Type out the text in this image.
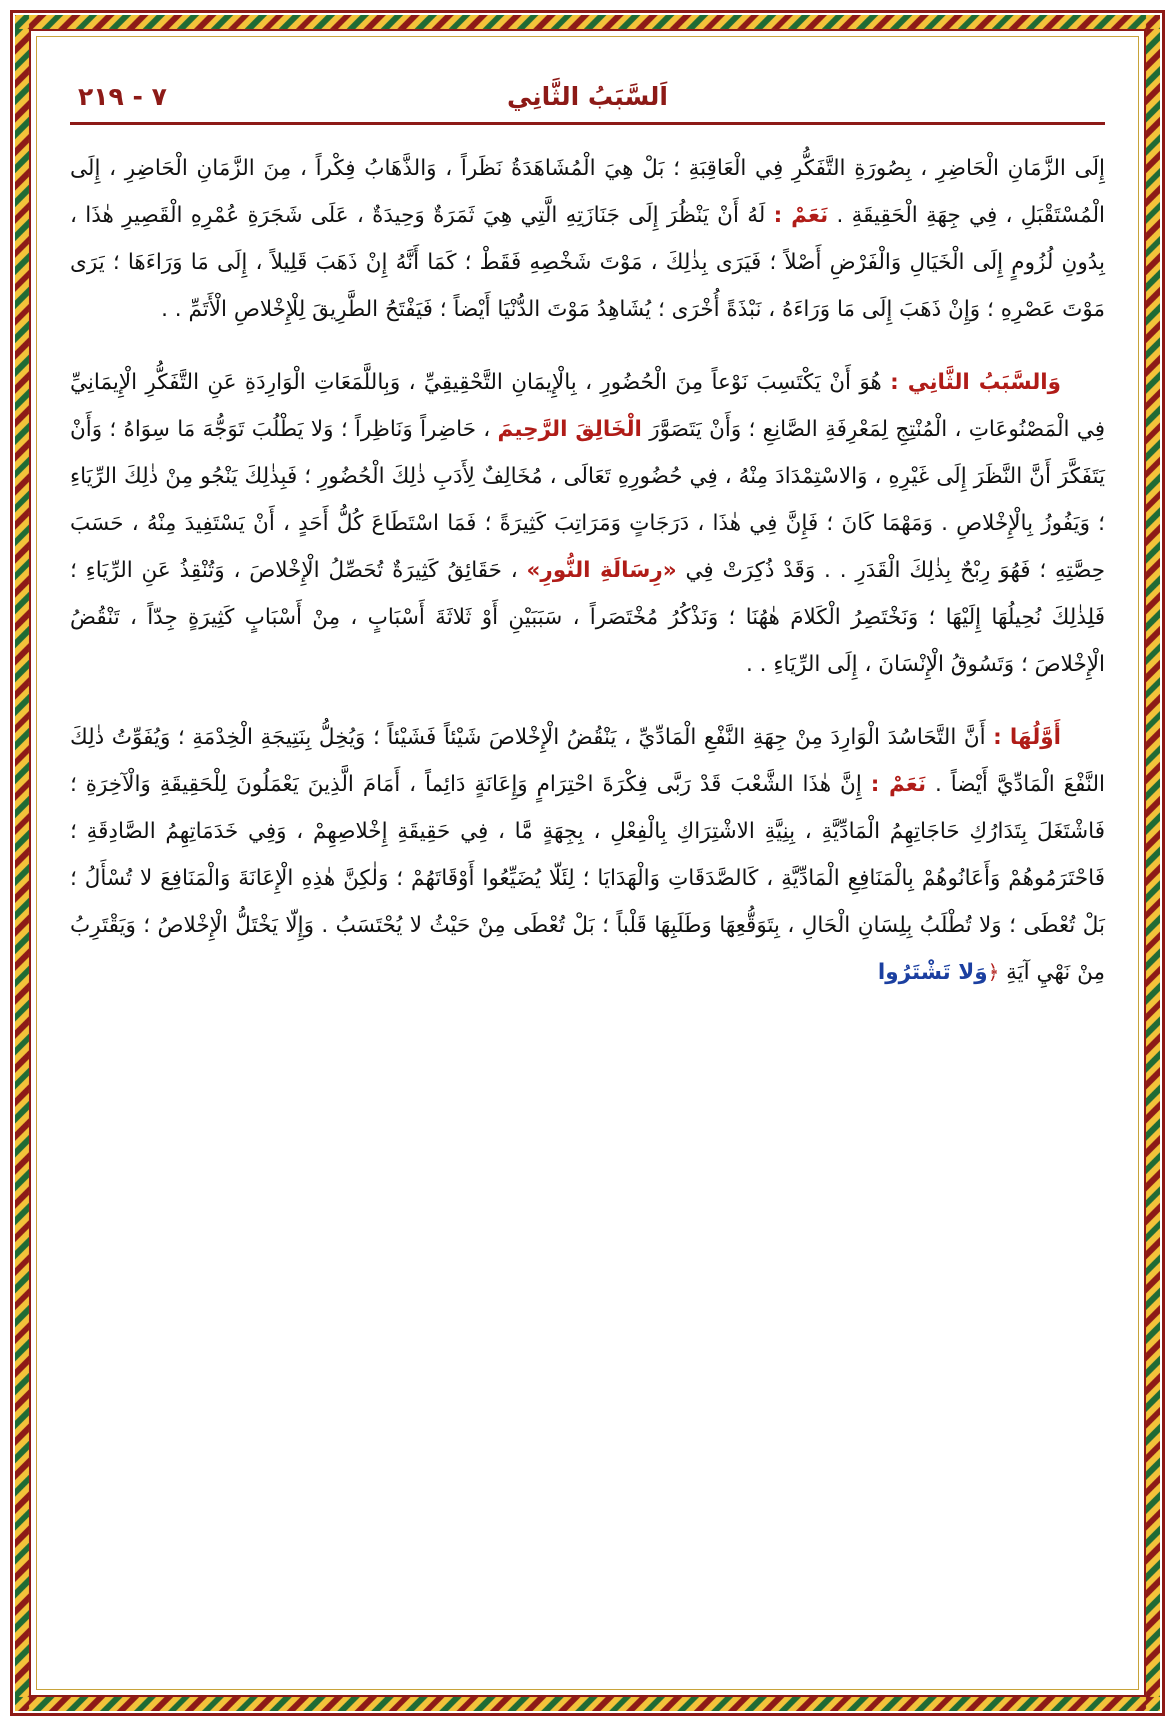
٧ - ٢١٩	اَلسَّبَبُ الثَّانِي
إِلَى الزَّمَانِ الْحَاضِرِ ، بِصُورَةِ التَّفَكُّرِ فِي الْعَاقِبَةِ ؛ بَلْ هِيَ الْمُشَاهَدَةُ نَظَراً ، وَالذَّهَابُ فِكْراً ، مِنَ الزَّمَانِ الْحَاضِرِ ، إِلَى الْمُسْتَقْبَلِ ، فِي جِهَةِ الْحَقِيقَةِ . نَعَمْ : لَهُ أَنْ يَنْظُرَ إِلَى جَنَازَتِهِ الَّتِي هِيَ ثَمَرَةٌ وَحِيدَةٌ ، عَلَى شَجَرَةِ عُمْرِهِ الْقَصِيرِ هٰذَا ، بِدُونِ لُزُومٍ إِلَى الْخَيَالِ وَالْفَرْضِ أَصْلاً ؛ فَيَرَى بِذٰلِكَ ، مَوْتَ شَخْصِهِ فَقَطْ ؛ كَمَا أَنَّهُ إِنْ ذَهَبَ قَلِيلاً ، إِلَى مَا وَرَاءَهَا ؛ يَرَى مَوْتَ عَصْرِهِ ؛ وَإِنْ ذَهَبَ إِلَى مَا وَرَاءَهُ ، نَبْذَةً أُخْرَى ؛ يُشَاهِدُ مَوْتَ الدُّنْيَا أَيْضاً ؛ فَيَفْتَحُ الطَّرِيقَ لِلْإِخْلاصِ الْأَتَمِّ . .
وَالسَّبَبُ الثَّانِي : هُوَ أَنْ يَكْتَسِبَ نَوْعاً مِنَ الْحُضُورِ ، بِالْإِيمَانِ التَّحْقِيقِيِّ ، وَبِاللَّمَعَاتِ الْوَارِدَةِ عَنِ التَّفَكُّرِ الْإِيمَانِيِّ فِي الْمَصْنُوعَاتِ ، الْمُنْتِجِ لِمَعْرِفَةِ الصَّانِعِ ؛ وَأَنْ يَتَصَوَّرَ الْخَالِقَ الرَّحِيمَ ، حَاضِراً وَنَاظِراً ؛ وَلا يَطْلُبَ تَوَجُّهَ مَا سِوَاهُ ؛ وَأَنْ يَتَفَكَّرَ أَنَّ النَّظَرَ إِلَى غَيْرِهِ ، وَالاسْتِمْدَادَ مِنْهُ ، فِي حُضُورِهِ تَعَالَى ، مُخَالِفٌ لِأَدَبِ ذٰلِكَ الْحُضُورِ ؛ فَبِذٰلِكَ يَنْجُو مِنْ ذٰلِكَ الرِّيَاءِ ؛ وَيَفُوزُ بِالْإِخْلاصِ . وَمَهْمَا كَانَ ؛ فَإِنَّ فِي هٰذَا ، دَرَجَاتٍ وَمَرَاتِبَ كَثِيرَةً ؛ فَمَا اسْتَطَاعَ كُلُّ أَحَدٍ ، أَنْ يَسْتَفِيدَ مِنْهُ ، حَسَبَ حِصَّتِهِ ؛ فَهُوَ رِبْحٌ بِذٰلِكَ الْقَدَرِ . . وَقَدْ ذُكِرَتْ فِي «رِسَالَةِ النُّورِ» ، حَقَائِقُ كَثِيرَةٌ تُحَصِّلُ الْإِخْلاصَ ، وَتُنْقِذُ عَنِ الرِّيَاءِ ؛ فَلِذٰلِكَ نُحِيلُهَا إِلَيْهَا ؛ وَنَخْتَصِرُ الْكَلامَ هٰهُنَا ؛ وَنَذْكُرُ مُخْتَصَراً ، سَبَبَيْنِ أَوْ ثَلاثَةَ أَسْبَابٍ ، مِنْ أَسْبَابٍ كَثِيرَةٍ جِدّاً ، تَنْقُضُ الْإِخْلاصَ ؛ وَتَسُوقُ الْإِنْسَانَ ، إِلَى الرِّيَاءِ . .
أَوَّلُهَا : أَنَّ التَّحَاسُدَ الْوَارِدَ مِنْ جِهَةِ النَّفْعِ الْمَادِّيِّ ، يَنْقُضُ الْإِخْلاصَ شَيْئاً فَشَيْئاً ؛ وَيُخِلُّ بِنَتِيجَةِ الْخِدْمَةِ ؛ وَيُفَوِّتُ ذٰلِكَ النَّفْعَ الْمَادِّيَّ أَيْضاً . نَعَمْ : إِنَّ هٰذَا الشَّعْبَ قَدْ رَبَّى فِكْرَةَ احْتِرَامٍ وَإِعَانَةٍ دَائِماً ، أَمَامَ الَّذِينَ يَعْمَلُونَ لِلْحَقِيقَةِ وَالْآخِرَةِ ؛ فَاشْتَغَلَ بِتَدَارُكِ حَاجَاتِهِمُ الْمَادِّيَّةِ ، بِنِيَّةِ الاشْتِرَاكِ بِالْفِعْلِ ، بِجِهَةٍ مَّا ، فِي حَقِيقَةِ إِخْلاصِهِمْ ، وَفِي خَدَمَاتِهِمُ الصَّادِقَةِ ؛ فَاحْتَرَمُوهُمْ وَأَعَانُوهُمْ بِالْمَنَافِعِ الْمَادِّيَّةِ ، كَالصَّدَقَاتِ وَالْهَدَايَا ؛ لِئَلّا يُضَيِّعُوا أَوْقَاتَهُمْ ؛ وَلٰكِنَّ هٰذِهِ الْإِعَانَةَ وَالْمَنَافِعَ لا تُسْأَلُ ؛ بَلْ تُعْطَى ؛ وَلا تُطْلَبُ بِلِسَانِ الْحَالِ ، بِتَوَقُّعِهَا وَطَلَبِهَا قَلْباً ؛ بَلْ تُعْطَى مِنْ حَيْثُ لا يُحْتَسَبُ . وَإِلّا يَخْتَلُّ الْإِخْلاصُ ؛ وَيَقْتَرِبُ مِنْ نَهْيِ آيَةِ ﴿وَلا تَشْتَرُوا
